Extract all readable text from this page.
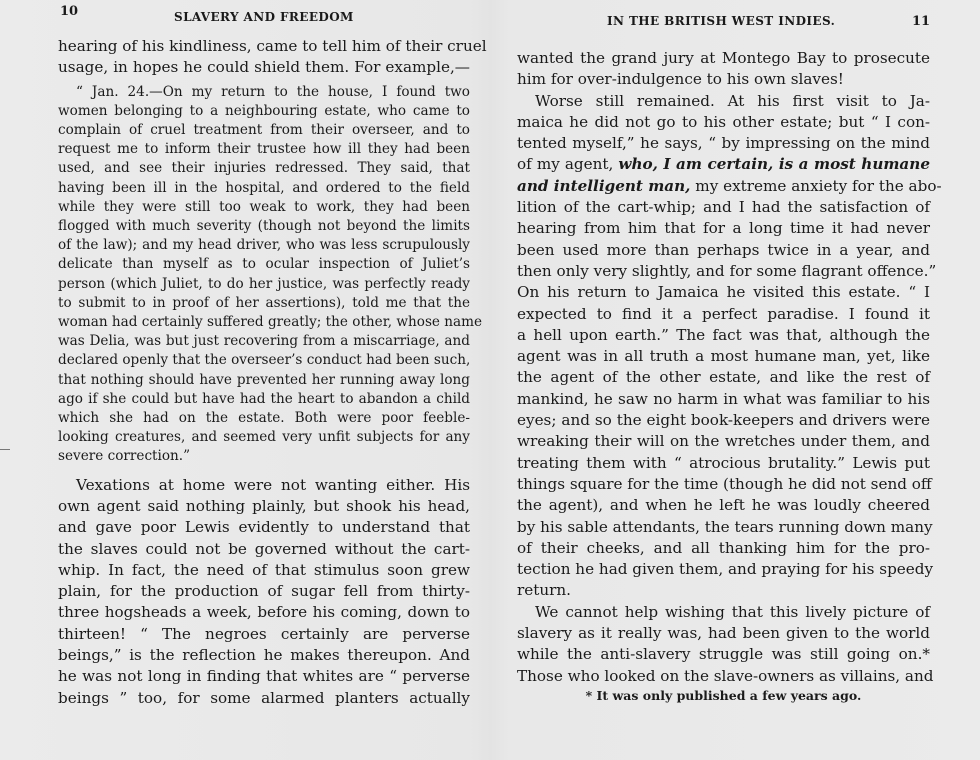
10	SLAVERY AND FREEDOM
hearing of his kindliness, came to tell him of their cruel
usage, in hopes he could shield them. For example,—
“ Jan. 24.—On my return to the house, I found two
women belonging to a neighbouring estate, who came to
complain of cruel treatment from their overseer, and to
request me to inform their trustee how ill they had been
used, and see their injuries redressed. They said, that
having been ill in the hospital, and ordered to the field
while they were still too weak to work, they had been
flogged with much severity (though not beyond the limits
of the law); and my head driver, who was less scrupulously
delicate than myself as to ocular inspection of Juliet’s
person (which Juliet, to do her justice, was perfectly ready
to submit to in proof of her assertions), told me that the
woman had certainly suffered greatly; the other, whose name
was Delia, was but just recovering from a miscarriage, and
declared openly that the overseer’s conduct had been such,
that nothing should have prevented her running away long
ago if she could but have had the heart to abandon a child
which she had on the estate. Both were poor feeble-
looking creatures, and seemed very unfit subjects for any
severe correction.”
Vexations at home were not wanting either. His
own agent said nothing plainly, but shook his head,
and gave poor Lewis evidently to understand that
the slaves could not be governed without the cart-
whip. In fact, the need of that stimulus soon grew
plain, for the production of sugar fell from thirty-
three hogsheads a week, before his coming, down to
thirteen! “ The negroes certainly are perverse
beings,” is the reflection he makes thereupon. And
he was not long in finding that whites are “ perverse
beings ” too, for some alarmed planters actually
IN THE BRITISH WEST INDIES.	11
wanted the grand jury at Montego Bay to prosecute
him for over-indulgence to his own slaves!
Worse still remained. At his first visit to Ja-
maica he did not go to his other estate; but “ I con-
tented myself,” he says, “ by impressing on the mind
of my agent, who, I am certain, is a most humane
and intelligent man, my extreme anxiety for the abo-
lition of the cart-whip; and I had the satisfaction of
hearing from him that for a long time it had never
been used more than perhaps twice in a year, and
then only very slightly, and for some flagrant offence.”
On his return to Jamaica he visited this estate. “ I
expected to find it a perfect paradise. I found it
a hell upon earth.” The fact was that, although the
agent was in all truth a most humane man, yet, like
the agent of the other estate, and like the rest of
mankind, he saw no harm in what was familiar to his
eyes; and so the eight book-keepers and drivers were
wreaking their will on the wretches under them, and
treating them with “ atrocious brutality.” Lewis put
things square for the time (though he did not send off
the agent), and when he left he was loudly cheered
by his sable attendants, the tears running down many
of their cheeks, and all thanking him for the pro-
tection he had given them, and praying for his speedy
return.
We cannot help wishing that this lively picture of
slavery as it really was, had been given to the world
while the anti-slavery struggle was still going on.*
Those who looked on the slave-owners as villains, and
* It was only published a few years ago.
